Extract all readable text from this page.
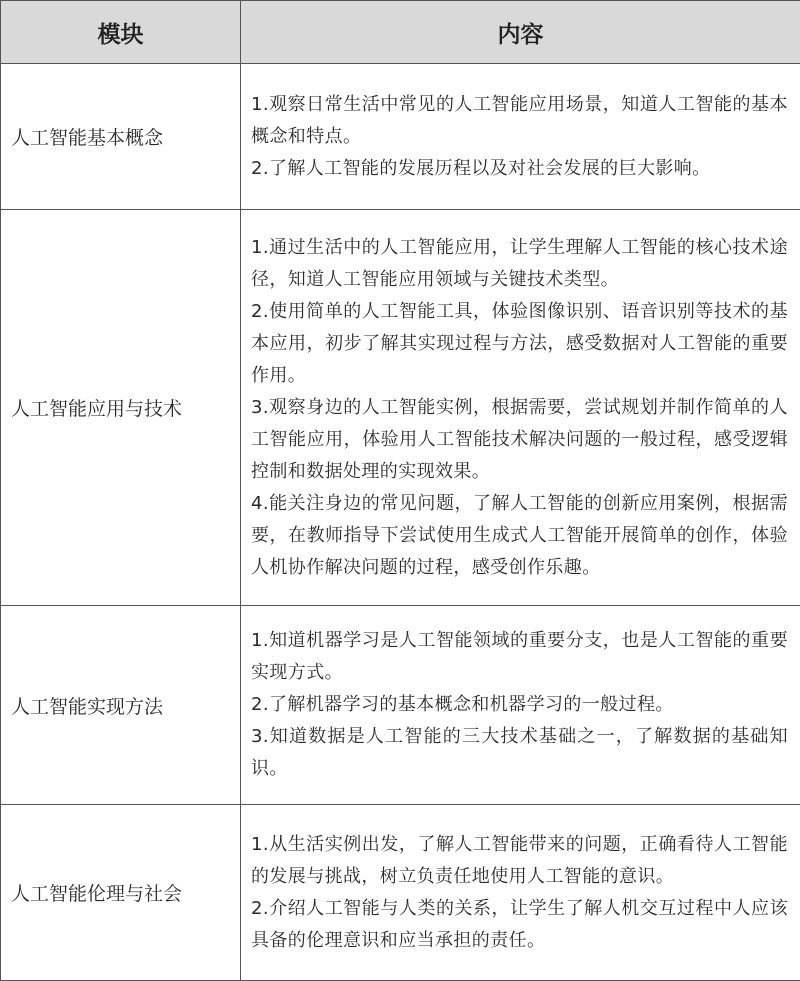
模块	内容
人工智能基本概念	1.观察日常生活中常见的人工智能应用场景，知道人工智能的基本概念和特点。

2.了解人工智能的发展历程以及对社会发展的巨大影响。

人工智能应用与技术	1.通过生活中的人工智能应用，让学生理解人工智能的核心技术途径，知道人工智能应用领域与关键技术类型。

2.使用简单的人工智能工具，体验图像识别、语音识别等技术的基本应用，初步了解其实现过程与方法，感受数据对人工智能的重要作用。

3.观察身边的人工智能实例，根据需要，尝试规划并制作简单的人工智能应用，体验用人工智能技术解决问题的一般过程，感受逻辑控制和数据处理的实现效果。

4.能关注身边的常见问题，了解人工智能的创新应用案例，根据需要，在教师指导下尝试使用生成式人工智能开展简单的创作，体验人机协作解决问题的过程，感受创作乐趣。

人工智能实现方法	1.知道机器学习是人工智能领域的重要分支，也是人工智能的重要实现方式。

2.了解机器学习的基本概念和机器学习的一般过程。

3.知道数据是人工智能的三大技术基础之一，了解数据的基础知识。

人工智能伦理与社会	1.从生活实例出发，了解人工智能带来的问题，正确看待人工智能的发展与挑战，树立负责任地使用人工智能的意识。

2.介绍人工智能与人类的关系，让学生了解人机交互过程中人应该具备的伦理意识和应当承担的责任。
